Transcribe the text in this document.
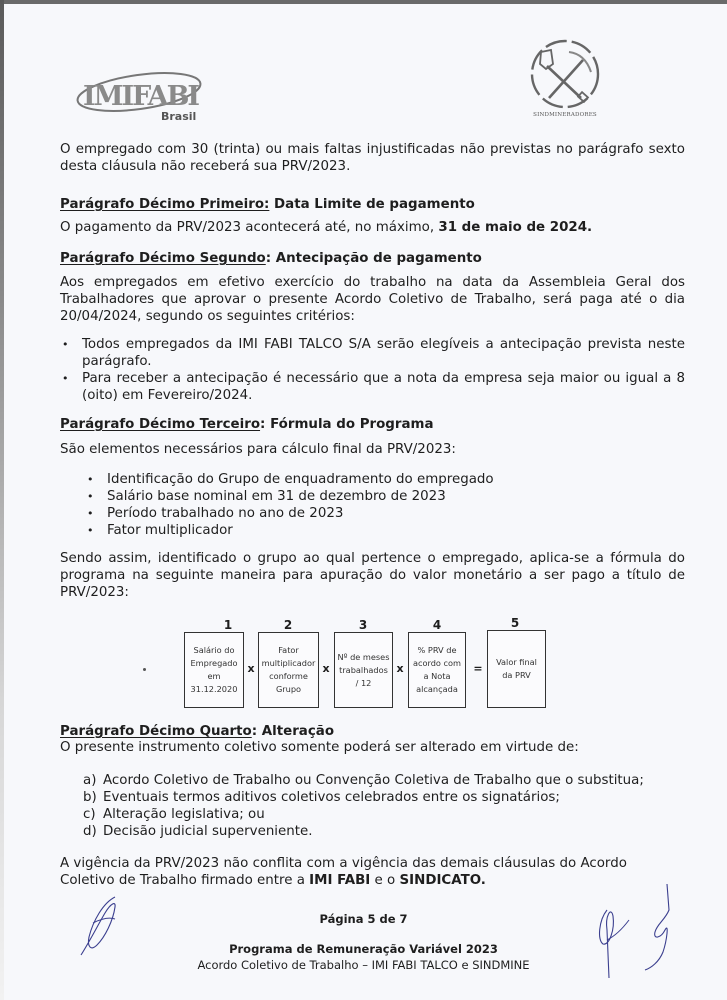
IMIFABI
Brasil	SINDMINERADORES
O empregado com 30 (trinta) ou mais faltas injustificadas não previstas no parágrafo sexto desta cláusula não receberá sua PRV/2023.
Parágrafo Décimo Primeiro: Data Limite de pagamento
O pagamento da PRV/2023 acontecerá até, no máximo, 31 de maio de 2024.
Parágrafo Décimo Segundo: Antecipação de pagamento
Aos empregados em efetivo exercício do trabalho na data da Assembleia Geral dos Trabalhadores que aprovar o presente Acordo Coletivo de Trabalho, será paga até o dia 20/04/2024, segundo os seguintes critérios:
• Todos empregados da IMI FABI TALCO S/A serão elegíveis a antecipação prevista neste parágrafo.
• Para receber a antecipação é necessário que a nota da empresa seja maior ou igual a 8 (oito) em Fevereiro/2024.
Parágrafo Décimo Terceiro: Fórmula do Programa
São elementos necessários para cálculo final da PRV/2023:
• Identificação do Grupo de enquadramento do empregado
• Salário base nominal em 31 de dezembro de 2023
• Período trabalhado no ano de 2023
• Fator multiplicador
Sendo assim, identificado o grupo ao qual pertence o empregado, aplica-se a fórmula do programa na seguinte maneira para apuração do valor monetário a ser pago a título de PRV/2023:
1	2	3	4	5
Salário do Empregado em 31.12.2020
x
Fator multiplicador conforme Grupo
x
Nº de meses trabalhados / 12
x
% PRV de acordo com a Nota alcançada
=	Valor final da PRV
Parágrafo Décimo Quarto: Alteração
O presente instrumento coletivo somente poderá ser alterado em virtude de:
a) Acordo Coletivo de Trabalho ou Convenção Coletiva de Trabalho que o substitua;
b) Eventuais termos aditivos coletivos celebrados entre os signatários;
c) Alteração legislativa; ou
d) Decisão judicial superveniente.
A vigência da PRV/2023 não conflita com a vigência das demais cláusulas do Acordo Coletivo de Trabalho firmado entre a IMI FABI e o SINDICATO.
Página 5 de 7
Programa de Remuneração Variável 2023
Acordo Coletivo de Trabalho – IMI FABI TALCO e SINDMINE
